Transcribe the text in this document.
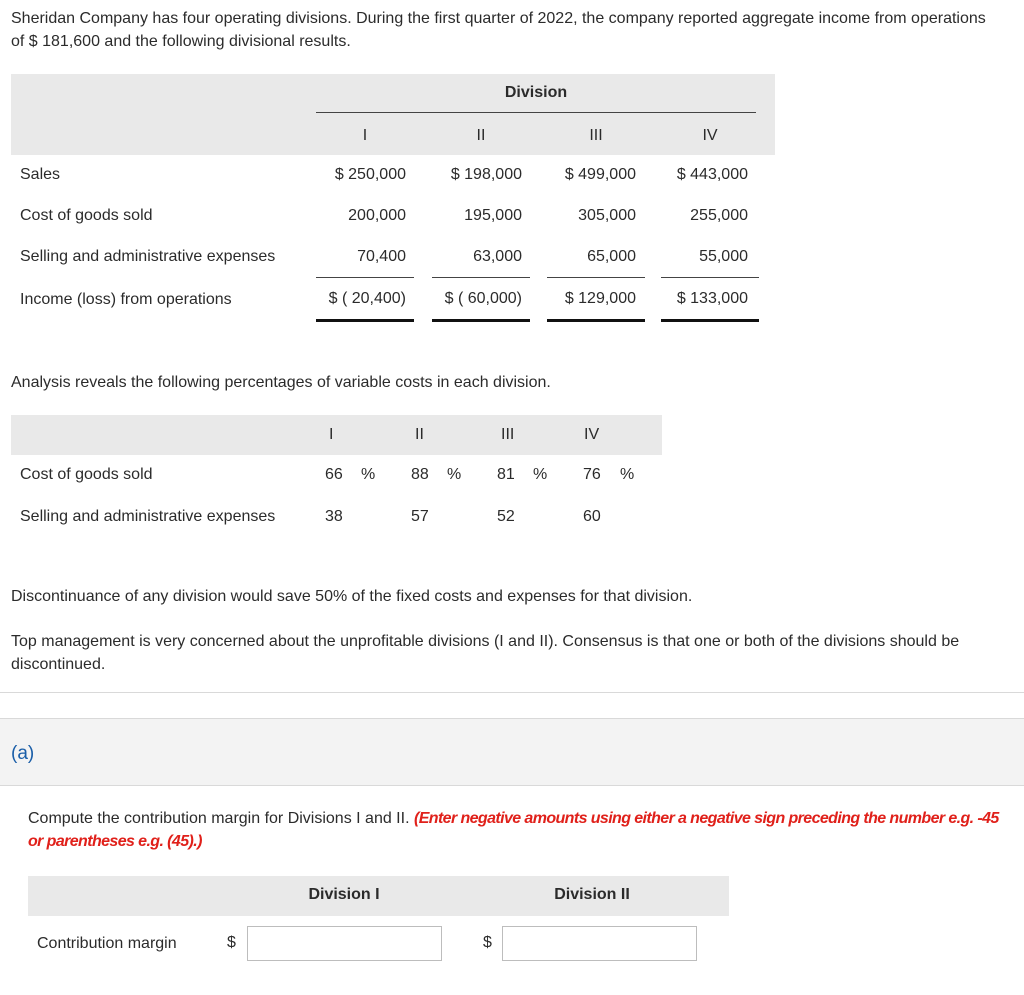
Sheridan Company has four operating divisions. During the first quarter of 2022, the company reported aggregate income from operations of $ 181,600 and the following divisional results.
Division
I	II	III	IV
Sales	$ 250,000	$ 198,000	$ 499,000	$ 443,000
Cost of goods sold	200,000	195,000	305,000	255,000
Selling and administrative expenses	70,400	63,000	65,000	55,000
Income (loss) from operations	$ ( 20,400)	$ ( 60,000)	$ 129,000	$ 133,000
Analysis reveals the following percentages of variable costs in each division.
I	II	III	IV
Cost of goods sold	66 % 88 % 81 % 76 %
Selling and administrative expenses	38	57	52	60
Discontinuance of any division would save 50% of the fixed costs and expenses for that division.
Top management is very concerned about the unprofitable divisions (I and II). Consensus is that one or both of the divisions should be discontinued.
(a)
Compute the contribution margin for Divisions I and II. (Enter negative amounts using either a negative sign preceding the number e.g. -45 or parentheses e.g. (45).)
Division I	Division II
Contribution margin	$	$
